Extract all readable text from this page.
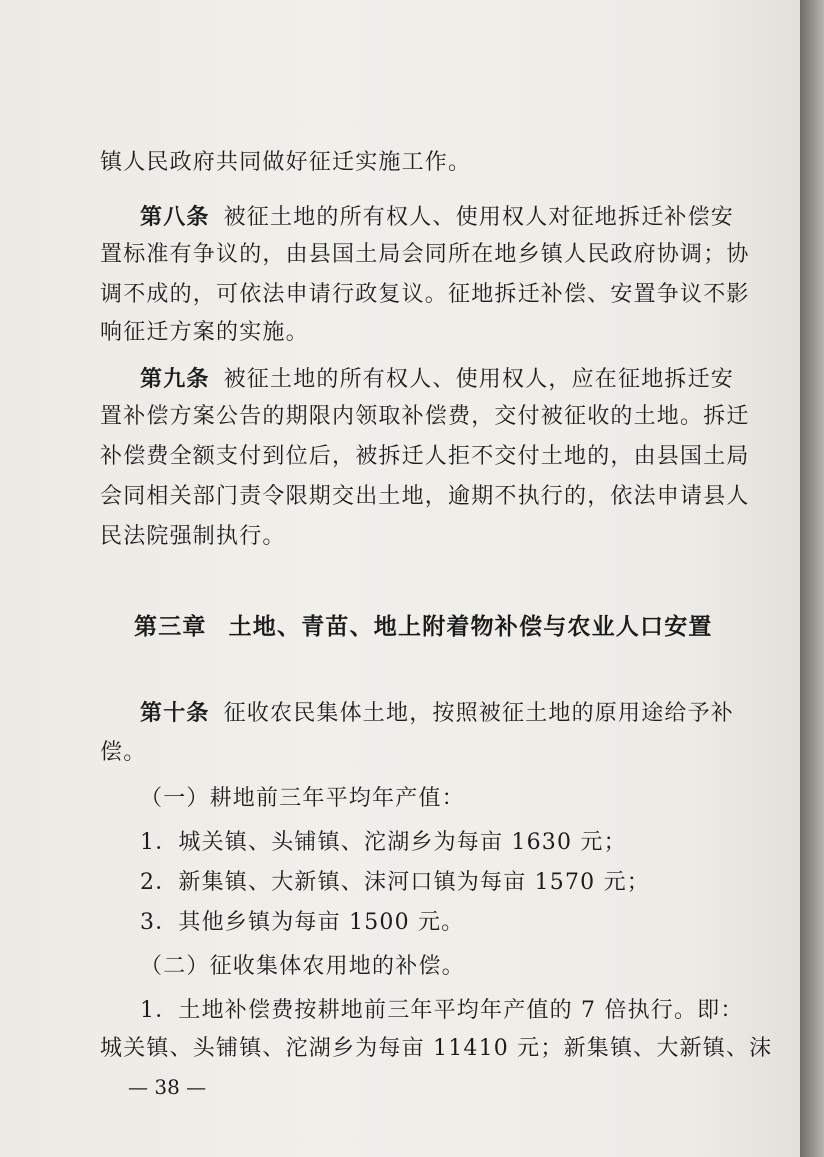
镇人民政府共同做好征迁实施工作。
第八条 被征土地的所有权人、使用权人对征地拆迁补偿安
置标准有争议的，由县国土局会同所在地乡镇人民政府协调；协
调不成的，可依法申请行政复议。征地拆迁补偿、安置争议不影
响征迁方案的实施。
第九条 被征土地的所有权人、使用权人，应在征地拆迁安
置补偿方案公告的期限内领取补偿费，交付被征收的土地。拆迁
补偿费全额支付到位后，被拆迁人拒不交付土地的，由县国土局
会同相关部门责令限期交出土地，逾期不执行的，依法申请县人
民法院强制执行。
第三章 土地、青苗、地上附着物补偿与农业人口安置
第十条 征收农民集体土地，按照被征土地的原用途给予补
偿。
（一）耕地前三年平均年产值：
1．城关镇、头铺镇、沱湖乡为每亩 1630 元；
2．新集镇、大新镇、沫河口镇为每亩 1570 元；
3．其他乡镇为每亩 1500 元。
（二）征收集体农用地的补偿。
1．土地补偿费按耕地前三年平均年产值的 7 倍执行。即：
城关镇、头铺镇、沱湖乡为每亩 11410 元；新集镇、大新镇、沫
— 38 —
